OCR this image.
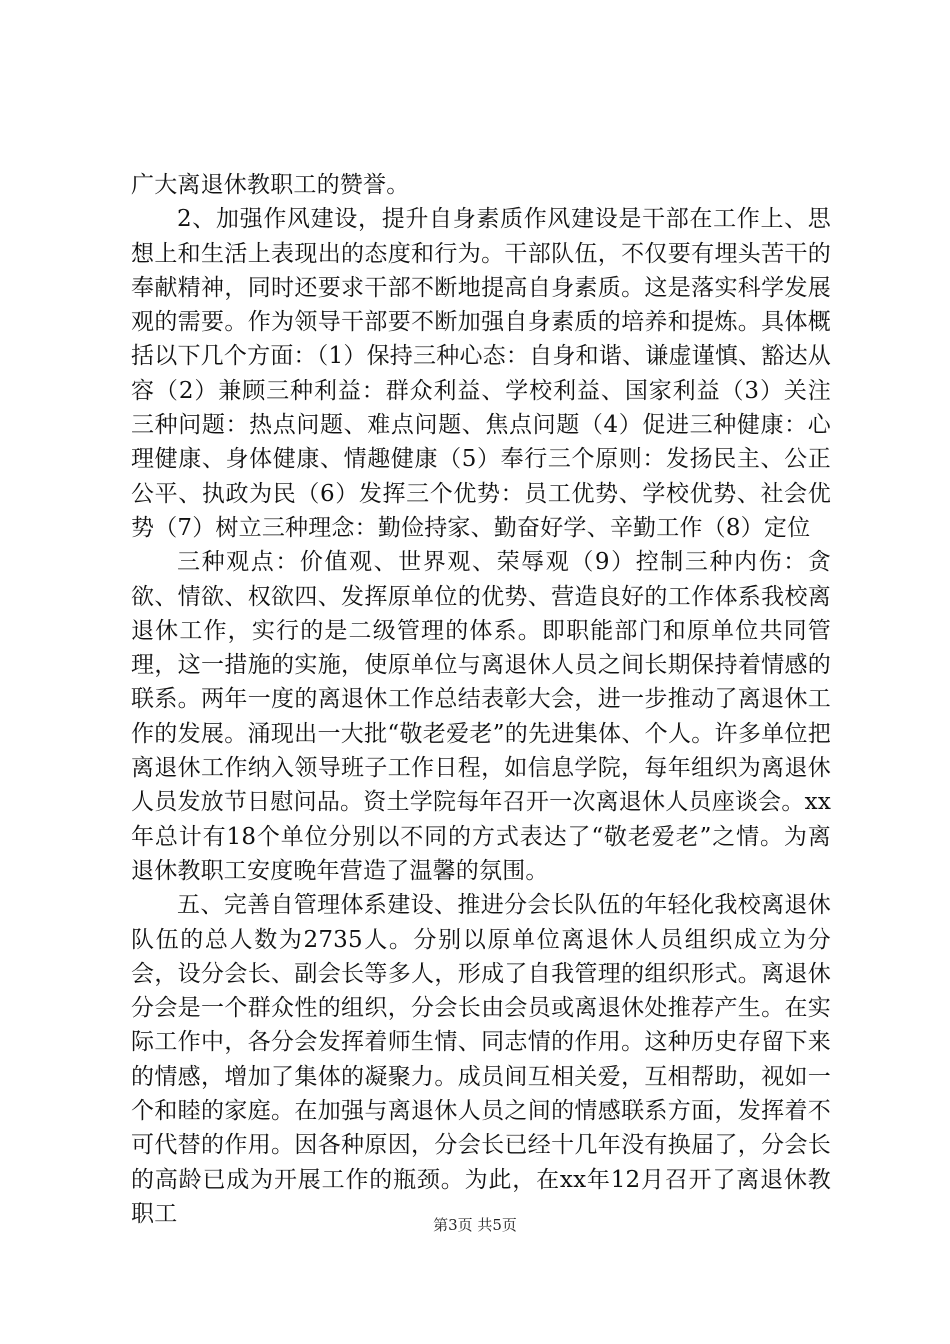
广大离退休教职工的赞誉。

2、加强作风建设，提升自身素质作风建设是干部在工作上、思想上和生活上表现出的态度和行为。干部队伍，不仅要有埋头苦干的奉献精神，同时还要求干部不断地提高自身素质。这是落实科学发展观的需要。作为领导干部要不断加强自身素质的培养和提炼。具体概括以下几个方面：（1）保持三种心态：自身和谐、谦虚谨慎、豁达从容（2）兼顾三种利益：群众利益、学校利益、国家利益（3）关注三种问题：热点问题、难点问题、焦点问题（4）促进三种健康：心理健康、身体健康、情趣健康（5）奉行三个原则：发扬民主、公正公平、执政为民（6）发挥三个优势：员工优势、学校优势、社会优势（7）树立三种理念：勤俭持家、勤奋好学、辛勤工作（8）定位

三种观点：价值观、世界观、荣辱观（9）控制三种内伤：贪欲、情欲、权欲四、发挥原单位的优势、营造良好的工作体系我校离退休工作，实行的是二级管理的体系。即职能部门和原单位共同管理，这一措施的实施，使原单位与离退休人员之间长期保持着情感的联系。两年一度的离退休工作总结表彰大会，进一步推动了离退休工作的发展。涌现出一大批“敬老爱老”的先进集体、个人。许多单位把离退休工作纳入领导班子工作日程，如信息学院，每年组织为离退休人员发放节日慰问品。资土学院每年召开一次离退休人员座谈会。xx年总计有18个单位分别以不同的方式表达了“敬老爱老”之情。为离退休教职工安度晚年营造了温馨的氛围。

五、完善自管理体系建设、推进分会长队伍的年轻化我校离退休队伍的总人数为2735人。分别以原单位离退休人员组织成立为分会，设分会长、副会长等多人，形成了自我管理的组织形式。离退休分会是一个群众性的组织，分会长由会员或离退休处推荐产生。在实际工作中，各分会发挥着师生情、同志情的作用。这种历史存留下来的情感，增加了集体的凝聚力。成员间互相关爱，互相帮助，视如一个和睦的家庭。在加强与离退休人员之间的情感联系方面，发挥着不可代替的作用。因各种原因，分会长已经十几年没有换届了，分会长的高龄已成为开展工作的瓶颈。为此，在xx年12月召开了离退休教职工	第3页 共5页
